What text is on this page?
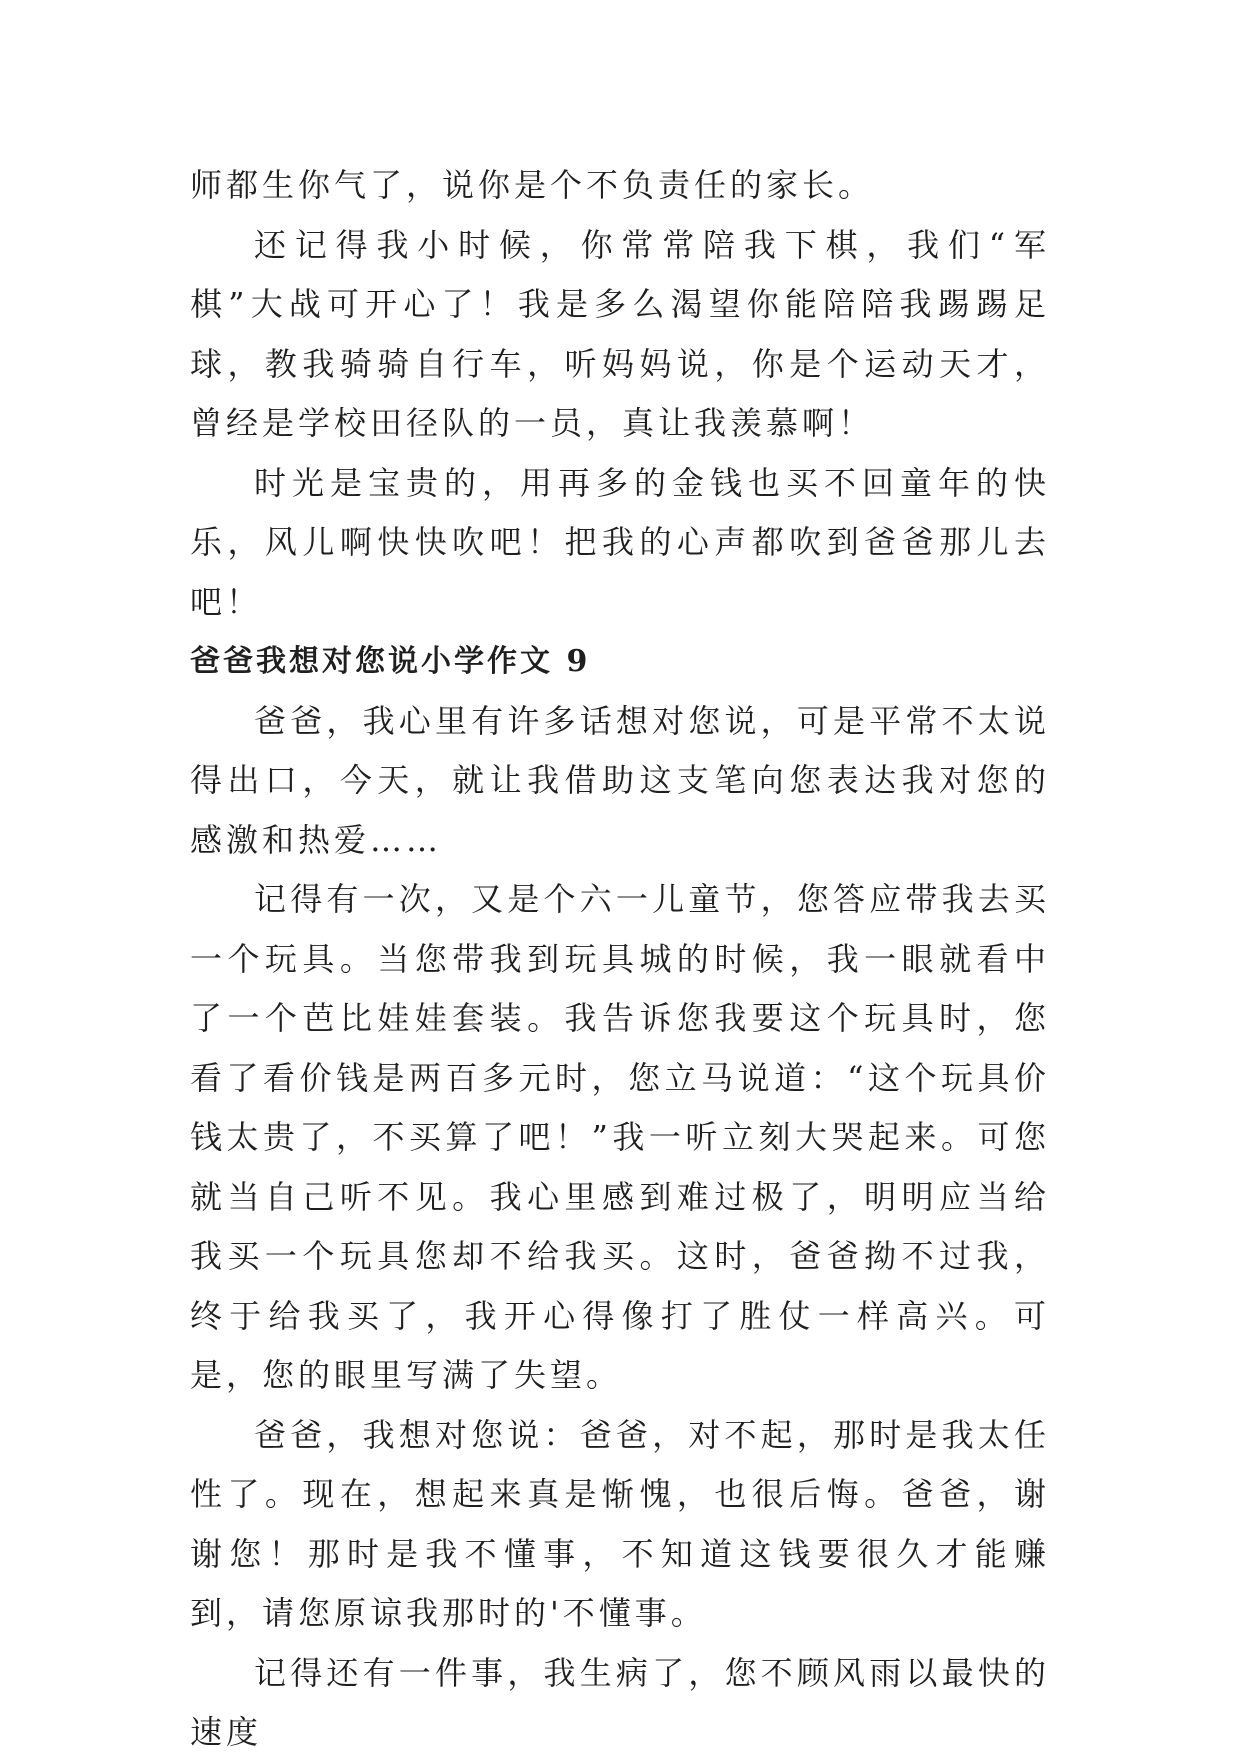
师都生你气了，说你是个不负责任的家长。

还记得我小时候，你常常陪我下棋，我们“军棋”大战可开心了！我是多么渴望你能陪陪我踢踢足球，教我骑骑自行车，听妈妈说，你是个运动天才，曾经是学校田径队的一员，真让我羡慕啊！

时光是宝贵的，用再多的金钱也买不回童年的快乐，风儿啊快快吹吧！把我的心声都吹到爸爸那儿去吧！

爸爸我想对您说小学作文 9

爸爸，我心里有许多话想对您说，可是平常不太说得出口，今天，就让我借助这支笔向您表达我对您的感激和热爱……

记得有一次，又是个六一儿童节，您答应带我去买一个玩具。当您带我到玩具城的时候，我一眼就看中了一个芭比娃娃套装。我告诉您我要这个玩具时，您看了看价钱是两百多元时，您立马说道：“这个玩具价钱太贵了，不买算了吧！”我一听立刻大哭起来。可您就当自己听不见。我心里感到难过极了，明明应当给我买一个玩具您却不给我买。这时，爸爸拗不过我，终于给我买了，我开心得像打了胜仗一样高兴。可是，您的眼里写满了失望。

爸爸，我想对您说：爸爸，对不起，那时是我太任性了。现在，想起来真是惭愧，也很后悔。爸爸，谢谢您！那时是我不懂事，不知道这钱要很久才能赚到，请您原谅我那时的'不懂事。

记得还有一件事，我生病了，您不顾风雨以最快的速度
